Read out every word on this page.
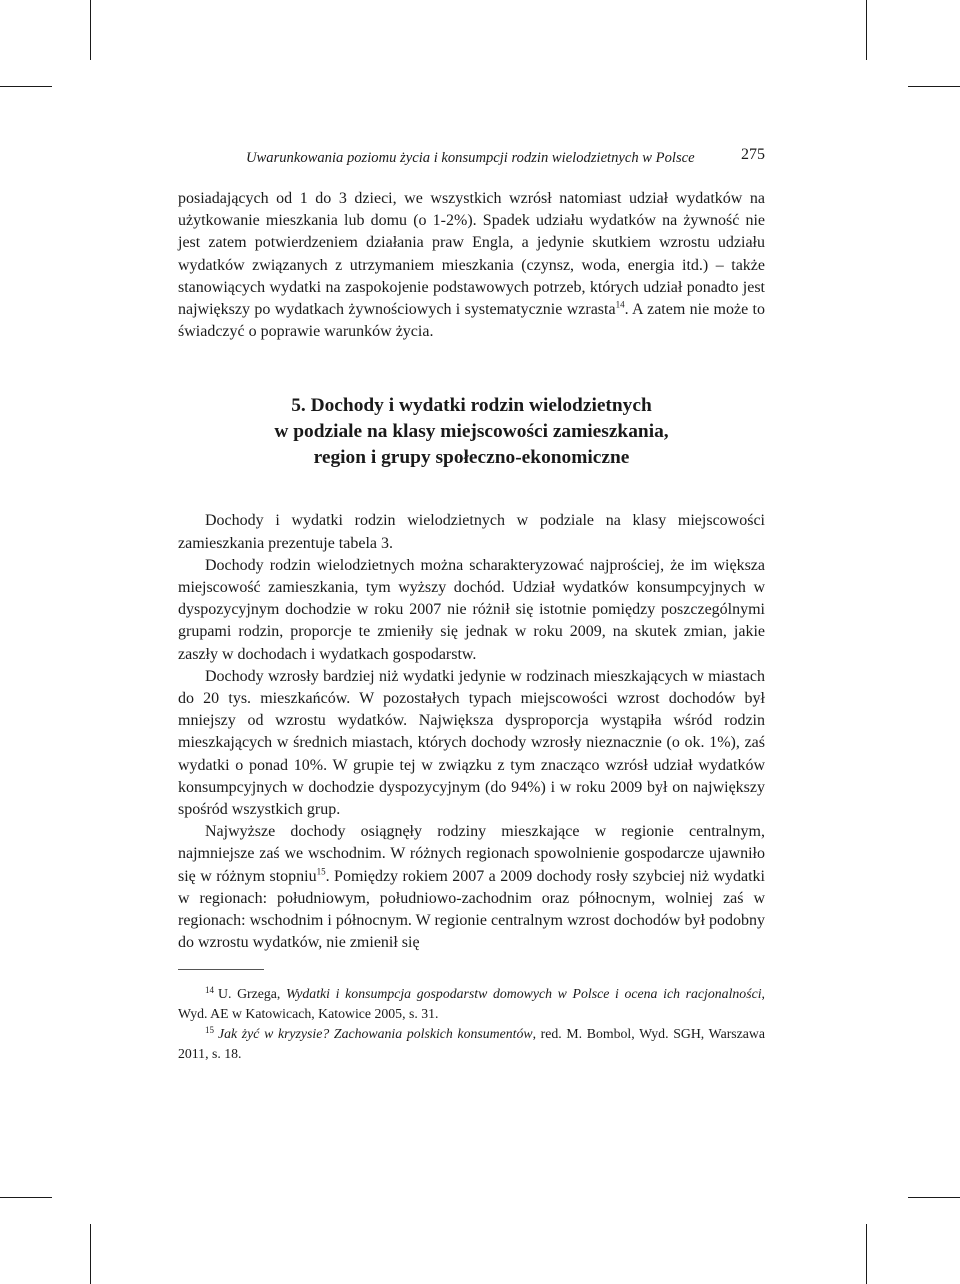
Uwarunkowania poziomu życia i konsumpcji rodzin wielodzietnych w Polsce	275

posiadających od 1 do 3 dzieci, we wszystkich wzrósł natomiast udział wydatków na użytkowanie mieszkania lub domu (o 1-2%). Spadek udziału wydatków na żywność nie jest zatem potwierdzeniem działania praw Engla, a jedynie skutkiem wzrostu udziału wydatków związanych z utrzymaniem mieszkania (czynsz, woda, energia itd.) – także stanowiących wydatki na zaspokojenie podstawowych potrzeb, których udział ponadto jest największy po wydatkach żywnościowych i systematycznie wzrasta$^{14}$. A zatem nie może to świadczyć o poprawie warunków życia.

5. Dochody i wydatki rodzin wielodzietnych
w podziale na klasy miejscowości zamieszkania,
region i grupy społeczno-ekonomiczne

Dochody i wydatki rodzin wielodzietnych w podziale na klasy miejscowości zamieszkania prezentuje tabela 3.

Dochody rodzin wielodzietnych można scharakteryzować najprościej, że im większa miejscowość zamieszkania, tym wyższy dochód. Udział wydatków konsumpcyjnych w dyspozycyjnym dochodzie w roku 2007 nie różnił się istotnie pomiędzy poszczególnymi grupami rodzin, proporcje te zmieniły się jednak w roku 2009, na skutek zmian, jakie zaszły w dochodach i wydatkach gospodarstw.

Dochody wzrosły bardziej niż wydatki jedynie w rodzinach mieszkających w miastach do 20 tys. mieszkańców. W pozostałych typach miejscowości wzrost dochodów był mniejszy od wzrostu wydatków. Największa dysproporcja wystąpiła wśród rodzin mieszkających w średnich miastach, których dochody wzrosły nieznacznie (o ok. 1%), zaś wydatki o ponad 10%. W grupie tej w związku z tym znacząco wzrósł udział wydatków konsumpcyjnych w dochodzie dyspozycyjnym (do 94%) i w roku 2009 był on największy spośród wszystkich grup.

Najwyższe dochody osiągnęły rodziny mieszkające w regionie centralnym, najmniejsze zaś we wschodnim. W różnych regionach spowolnienie gospodarcze ujawniło się w różnym stopniu$^{15}$. Pomiędzy rokiem 2007 a 2009 dochody rosły szybciej niż wydatki w regionach: południowym, południowo-zachodnim oraz północnym, wolniej zaś w regionach: wschodnim i północnym. W regionie centralnym wzrost dochodów był podobny do wzrostu wydatków, nie zmienił się

$^{14}$ U. Grzega, Wydatki i konsumpcja gospodarstw domowych w Polsce i ocena ich racjonalności, Wyd. AE w Katowicach, Katowice 2005, s. 31.

$^{15}$ Jak żyć w kryzysie? Zachowania polskich konsumentów, red. M. Bombol, Wyd. SGH, Warszawa 2011, s. 18.
